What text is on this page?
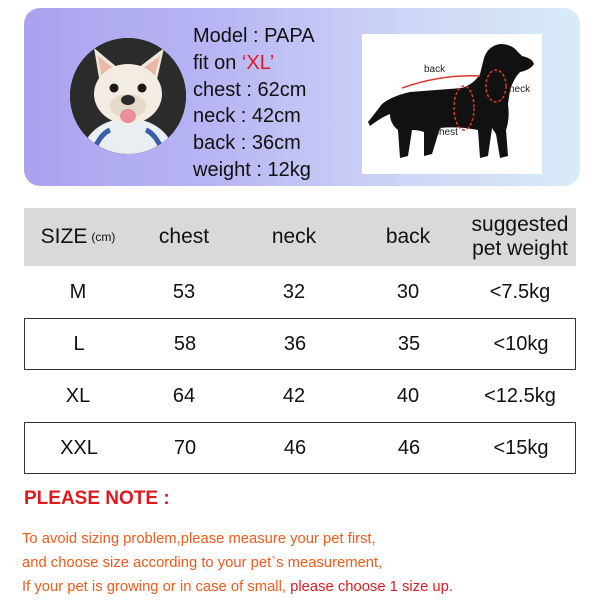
Model : PAPA
fit on ‘XL’
chest : 62cm
neck : 42cm
back : 36cm
weight : 12kg
back
neck
chest
SIZE (cm)	chest	neck	back
suggested
pet weight
M	53	32	30	<7.5kg
L	58	36	35	<10kg
XL	64	42	40	<12.5kg
XXL	70	46	46	<15kg
PLEASE NOTE :
To avoid sizing problem,please measure your pet first,
and choose size according to your pet`s measurement,
If your pet is growing or in case of small, please choose 1 size up.
